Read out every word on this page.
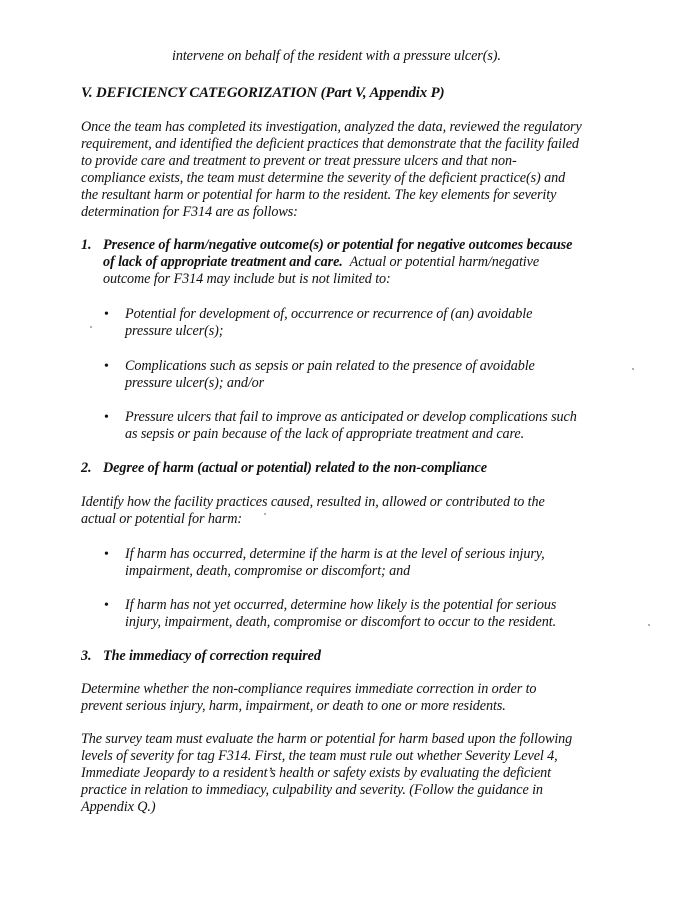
intervene on behalf of the resident with a pressure ulcer(s).
V. DEFICIENCY CATEGORIZATION (Part V, Appendix P)
Once the team has completed its investigation, analyzed the data, reviewed the regulatory
requirement, and identified the deficient practices that demonstrate that the facility failed
to provide care and treatment to prevent or treat pressure ulcers and that non-
compliance exists, the team must determine the severity of the deficient practice(s) and
the resultant harm or potential for harm to the resident. The key elements for severity
determination for F314 are as follows:
1. Presence of harm/negative outcome(s) or potential for negative outcomes because
of lack of appropriate treatment and care. Actual or potential harm/negative
outcome for F314 may include but is not limited to:
• Potential for development of, occurrence or recurrence of (an) avoidable
pressure ulcer(s);
• Complications such as sepsis or pain related to the presence of avoidable
pressure ulcer(s); and/or
• Pressure ulcers that fail to improve as anticipated or develop complications such
as sepsis or pain because of the lack of appropriate treatment and care.
2. Degree of harm (actual or potential) related to the non-compliance
Identify how the facility practices caused, resulted in, allowed or contributed to the
actual or potential for harm:
• If harm has occurred, determine if the harm is at the level of serious injury,
impairment, death, compromise or discomfort; and
• If harm has not yet occurred, determine how likely is the potential for serious
injury, impairment, death, compromise or discomfort to occur to the resident.
3. The immediacy of correction required
Determine whether the non-compliance requires immediate correction in order to
prevent serious injury, harm, impairment, or death to one or more residents.
The survey team must evaluate the harm or potential for harm based upon the following
levels of severity for tag F314. First, the team must rule out whether Severity Level 4,
Immediate Jeopardy to a resident’s health or safety exists by evaluating the deficient
practice in relation to immediacy, culpability and severity. (Follow the guidance in
Appendix Q.)
